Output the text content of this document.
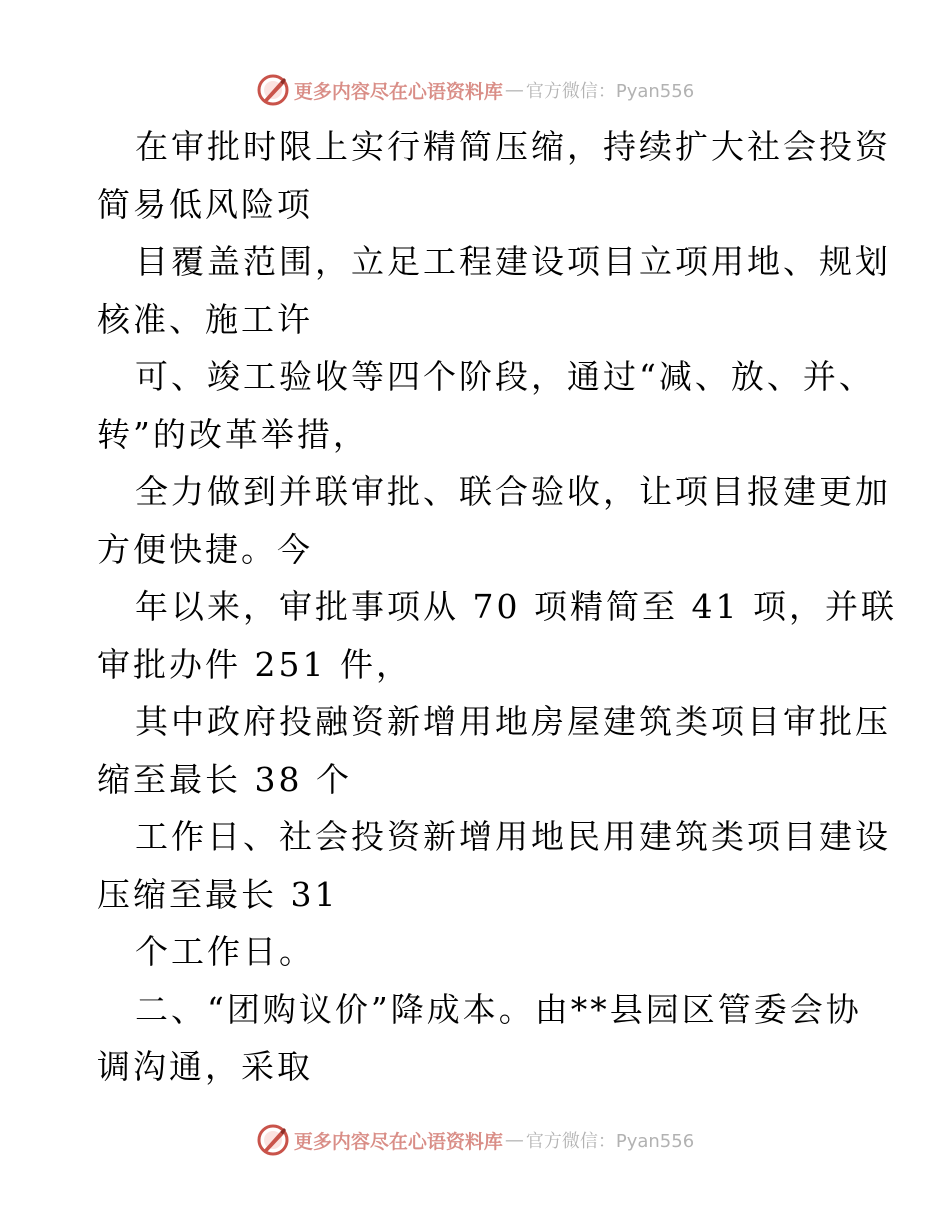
更多内容尽在心语资料库 — 官方微信：Pyan556
在审批时限上实行精简压缩，持续扩大社会投资
简易低风险项
目覆盖范围，立足工程建设项目立项用地、规划
核准、施工许
可、竣工验收等四个阶段，通过“减、放、并、
转”的改革举措，
全力做到并联审批、联合验收，让项目报建更加
方便快捷。今
年以来，审批事项从 70 项精简至 41 项，并联
审批办件 251 件，
其中政府投融资新增用地房屋建筑类项目审批压
缩至最长 38 个
工作日、社会投资新增用地民用建筑类项目建设
压缩至最长 31
个工作日。
二、“团购议价”降成本。由**县园区管委会协
调沟通，采取
更多内容尽在心语资料库 — 官方微信：Pyan556
